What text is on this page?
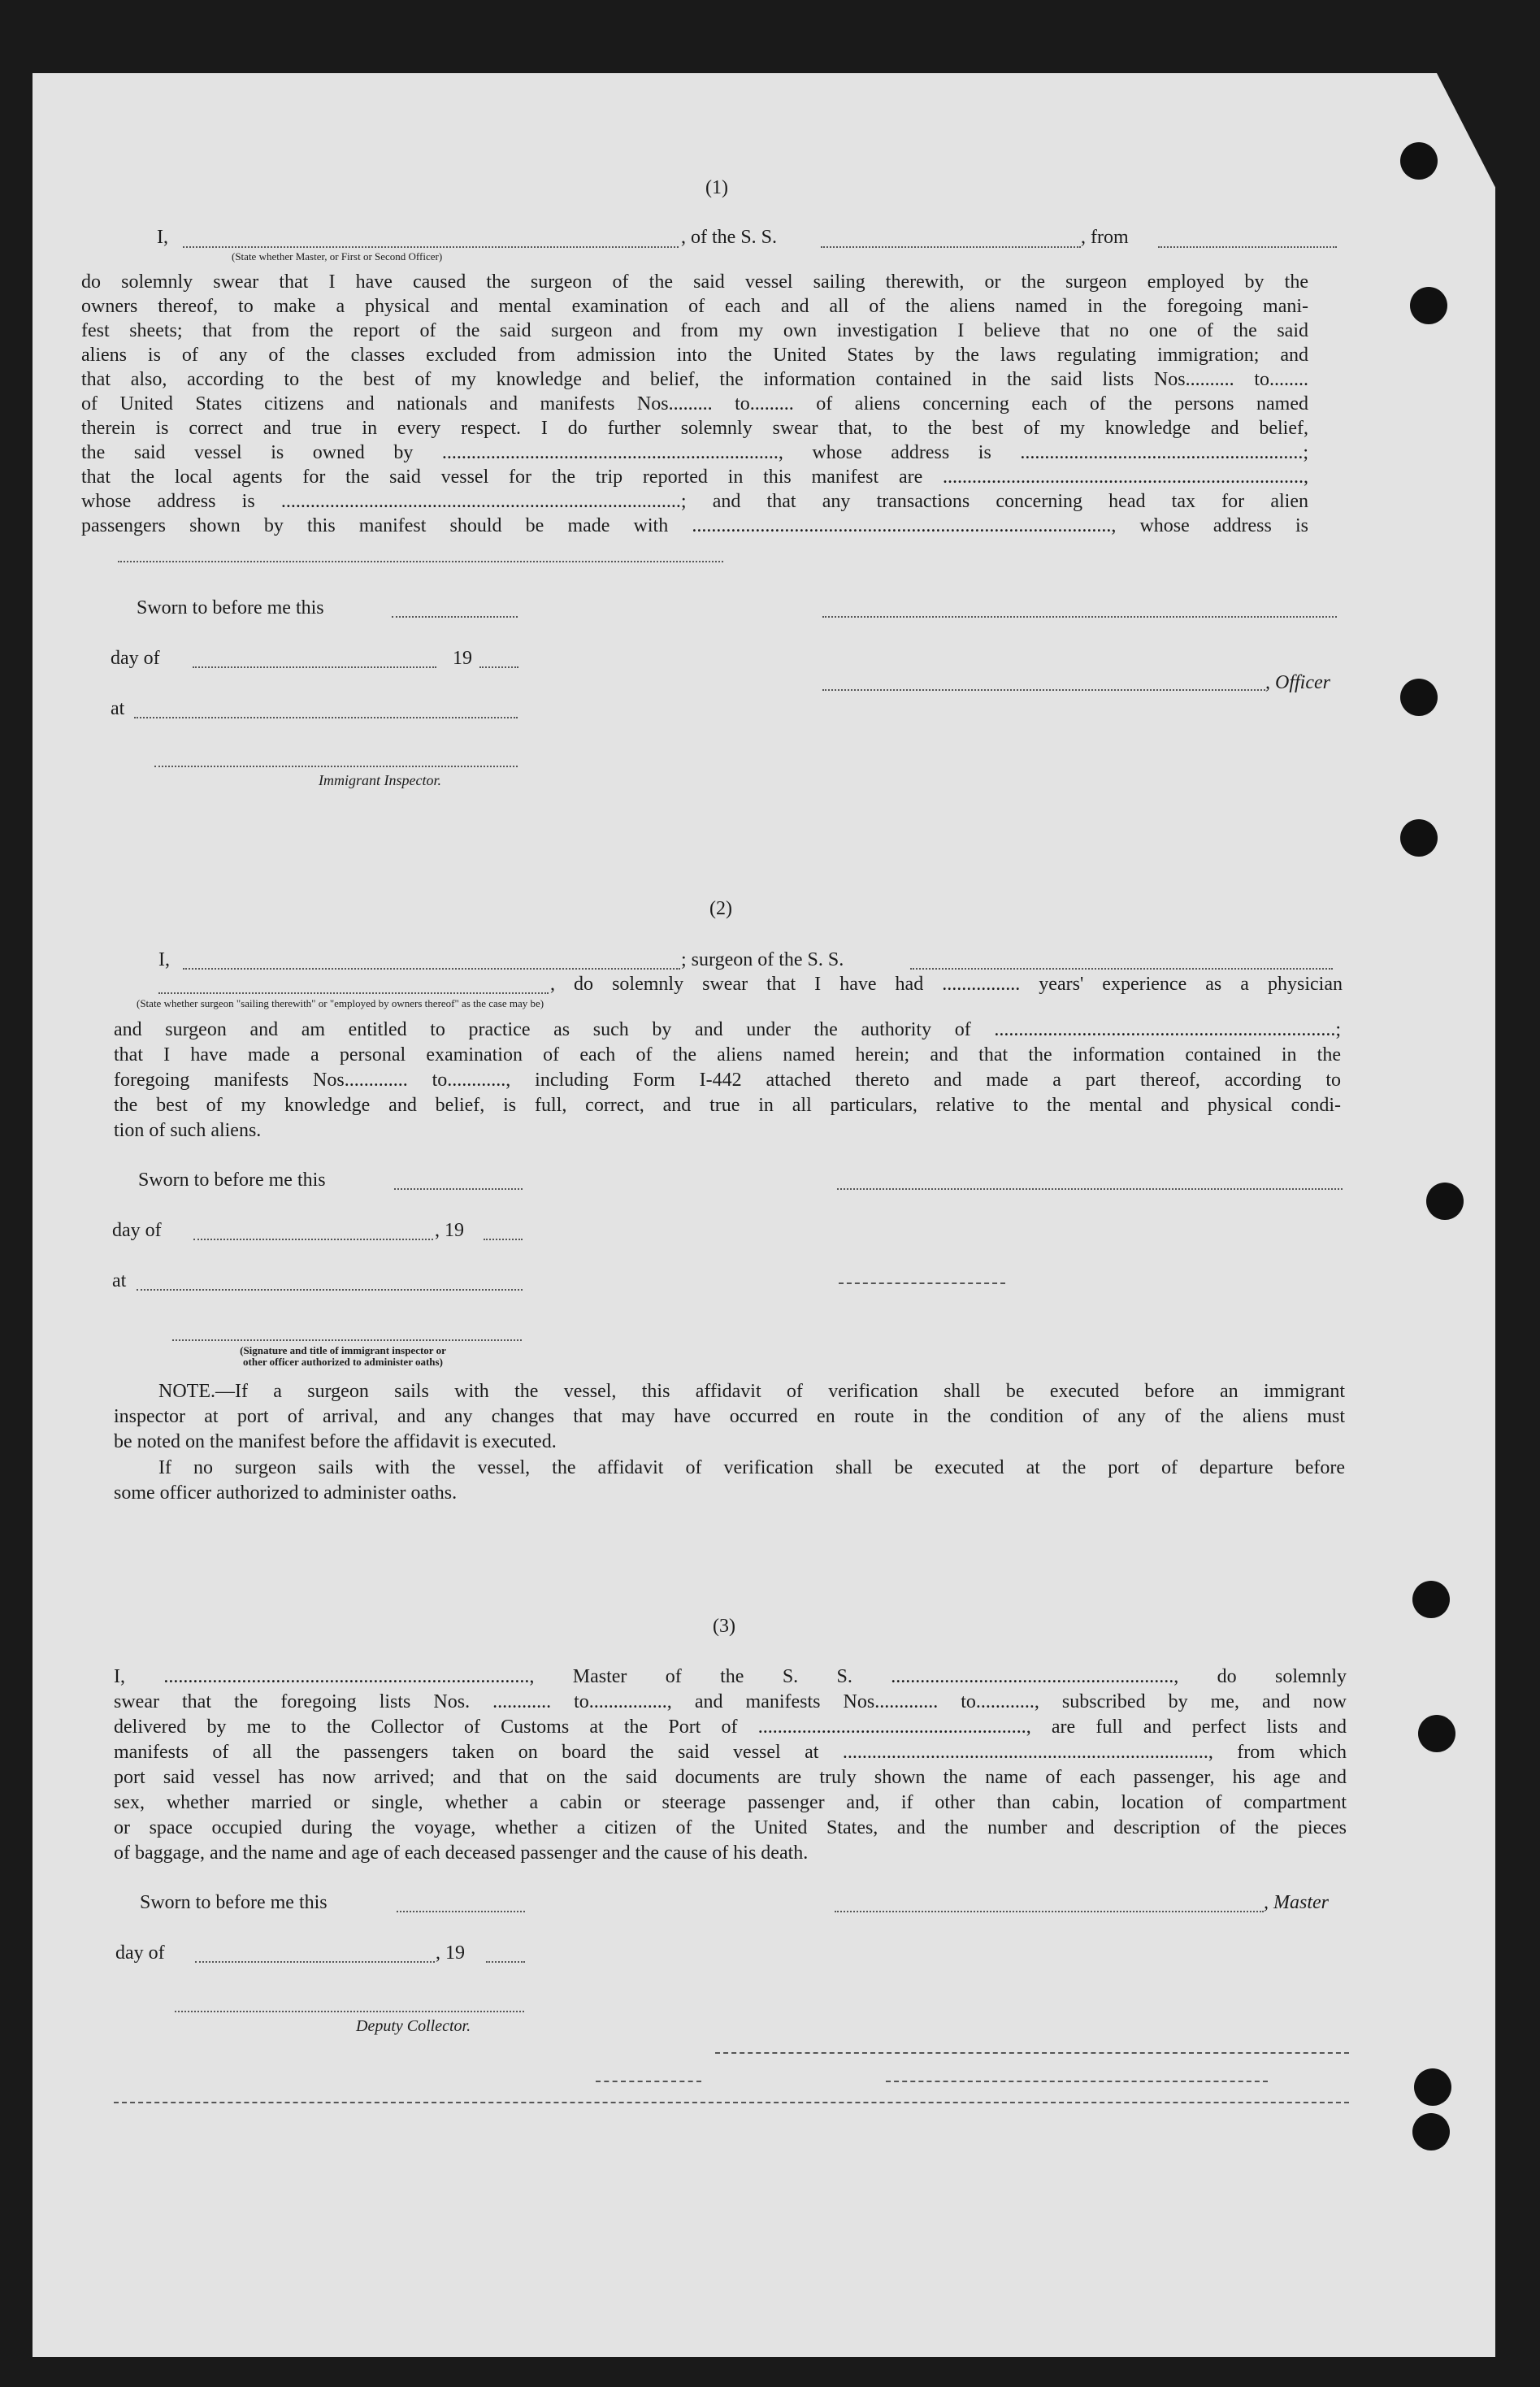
(1)
I,	, of the S. S.	, from
(State whether Master, or First or Second Officer)
do solemnly swear that I have caused the surgeon of the said vessel sailing therewith, or the surgeon employed by the
owners thereof, to make a physical and mental examination of each and all of the aliens named in the foregoing mani-
fest sheets; that from the report of the said surgeon and from my own investigation I believe that no one of the said
aliens is of any of the classes excluded from admission into the United States by the laws regulating immigration; and
that also, according to the best of my knowledge and belief, the information contained in the said lists Nos.......... to........
of United States citizens and nationals and manifests Nos......... to......... of aliens concerning each of the persons named
therein is correct and true in every respect. I do further solemnly swear that, to the best of my knowledge and belief,
the said vessel is owned by ....................................................................., whose address is ..........................................................;
that the local agents for the said vessel for the trip reported in this manifest are ..........................................................................,
whose address is ..................................................................................; and that any transactions concerning head tax for alien
passengers shown by this manifest should be made with ......................................................................................, whose address is
Sworn to before me this
day of	19
, Officer
at
Immigrant Inspector.
(2)
I,	; surgeon of the S. S.
, do solemnly swear that I have had ................ years' experience as a physician
(State whether surgeon "sailing therewith" or "employed by owners thereof" as the case may be)
and surgeon and am entitled to practice as such by and under the authority of ......................................................................;
that I have made a personal examination of each of the aliens named herein; and that the information contained in the
foregoing manifests Nos............. to............, including Form I-442 attached thereto and made a part thereof, according to
the best of my knowledge and belief, is full, correct, and true in all particulars, relative to the mental and physical condi-
tion of such aliens.
Sworn to before me this
day of	, 19
at
(Signature and title of immigrant inspector or
other officer authorized to administer oaths)
NOTE.—If a surgeon sails with the vessel, this affidavit of verification shall be executed before an immigrant
inspector at port of arrival, and any changes that may have occurred en route in the condition of any of the aliens must
be noted on the manifest before the affidavit is executed.
If no surgeon sails with the vessel, the affidavit of verification shall be executed at the port of departure before
some officer authorized to administer oaths.
(3)
I, ..........................................................................., Master of the S. S. .........................................................., do solemnly
swear that the foregoing lists Nos. ............ to................, and manifests Nos............. to............, subscribed by me, and now
delivered by me to the Collector of Customs at the Port of ......................................................., are full and perfect lists and
manifests of all the passengers taken on board the said vessel at ..........................................................................., from which
port said vessel has now arrived; and that on the said documents are truly shown the name of each passenger, his age and
sex, whether married or single, whether a cabin or steerage passenger and, if other than cabin, location of compartment
or space occupied during the voyage, whether a citizen of the United States, and the number and description of the pieces
of baggage, and the name and age of each deceased passenger and the cause of his death.
Sworn to before me this	, Master
day of	, 19
Deputy Collector.
